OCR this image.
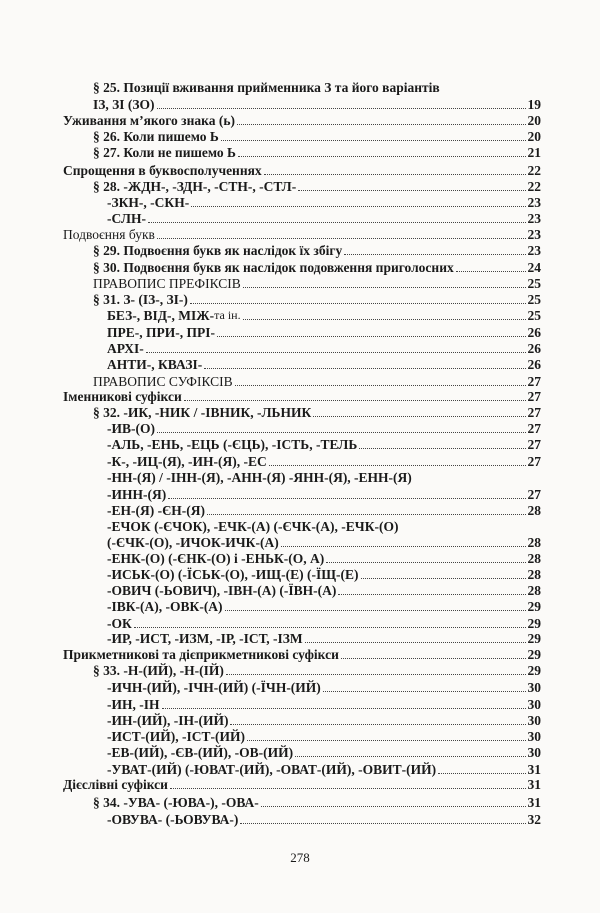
§ 25. Позиції вживання прийменника З та його варіантів
ІЗ, ЗІ (ЗО)	19
Уживання м’якого знака (ь)	20
§ 26. Коли пишемо Ь	20
§ 27. Коли не пишемо Ь	21
Спрощення в буквосполученнях	22
§ 28. -ЖДН-, -ЗДН-, -СТН-, -СТЛ-	22
-ЗКН-, -СКН-	23
-СЛН-	23
Подвоєння букв	23
§ 29. Подвоєння букв як наслідок їх збігу	23
§ 30. Подвоєння букв як наслідок подовження приголосних	24
ПРАВОПИС ПРЕФІКСІВ	25
§ 31. З- (ІЗ-, ЗІ-)	25
БЕЗ-, ВІД-, МІЖ- та ін.	25
ПРЕ-, ПРИ-, ПРІ-	26
АРХІ-	26
АНТИ-, КВАЗІ-	26
ПРАВОПИС СУФІКСІВ	27
Іменникові суфікси	27
§ 32. -ИК, -НИК / -ІВНИК, -ЛЬНИК	27
-ИВ-(О)	27
-АЛЬ, -ЕНЬ, -ЕЦЬ (-ЄЦЬ), -ІСТЬ, -ТЕЛЬ	27
-К-, -ИЦ-(Я), -ИН-(Я), -ЕС	27
-НН-(Я) / -ІНН-(Я), -АНН-(Я) -ЯНН-(Я), -ЕНН-(Я)
-ИНН-(Я)	27
-ЕН-(Я) -ЄН-(Я)	28
-ЕЧОК (-ЄЧОК), -ЕЧК-(А) (-ЄЧК-(А), -ЕЧК-(О)
(-ЄЧК-(О), -ИЧОК-ИЧК-(А)	28
-ЕНК-(О) (-ЄНК-(О) і -ЕНЬК-(О, А)	28
-ИСЬК-(О) (-ЇСЬК-(О), -ИЩ-(Е) (-ЇЩ-(Е)	28
-ОВИЧ (-ЬОВИЧ), -ІВН-(А) (-ЇВН-(А)	28
-ІВК-(А), -ОВК-(А)	29
-ОК	29
-ИР, -ИСТ, -ИЗМ, -ІР, -ІСТ, -ІЗМ	29
Прикметникові та дієприкметникові суфікси	29
§ 33. -Н-(ИЙ), -Н-(ІЙ)	29
-ИЧН-(ИЙ), -ІЧН-(ИЙ) (-ЇЧН-(ИЙ)	30
-ИН, -ІН	30
-ИН-(ИЙ), -ІН-(ИЙ)	30
-ИСТ-(ИЙ), -ІСТ-(ИЙ)	30
-ЕВ-(ИЙ), -ЄВ-(ИЙ), -ОВ-(ИЙ)	30
-УВАТ-(ИЙ) (-ЮВАТ-(ИЙ), -ОВАТ-(ИЙ), -ОВИТ-(ИЙ)	31
Дієслівні суфікси	31
§ 34. -УВА- (-ЮВА-), -ОВА-	31
-ОВУВА- (-ЬОВУВА-)	32
278
